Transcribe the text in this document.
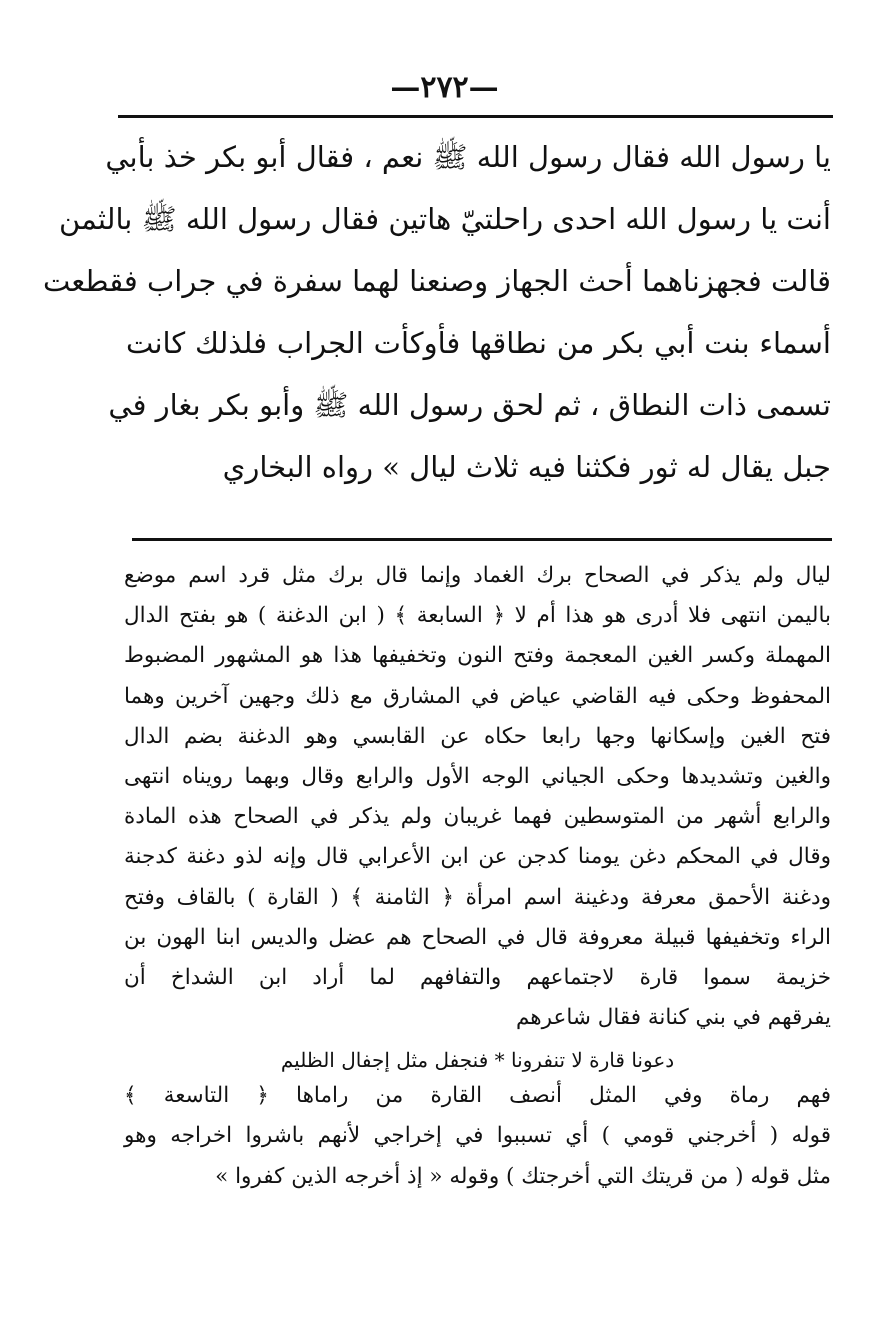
—٢٧٢—
يا رسول الله فقال رسول الله ﷺ نعم ، فقال أبو بكر خذ بأبي
أنت يا رسول الله احدى راحلتيّ هاتين فقال رسول الله ﷺ بالثمن
قالت فجهزناهما أحث الجهاز وصنعنا لهما سفرة في جراب فقطعت
أسماء بنت أبي بكر من نطاقها فأوكأت الجراب فلذلك كانت
تسمى ذات النطاق ، ثم لحق رسول الله ﷺ وأبو بكر بغار في
جبل يقال له ثور فكثنا فيه ثلاث ليال » رواه البخاري
ليال ولم يذكر في الصحاح برك الغماد وإنما قال برك مثل قرد اسم موضع
باليمن انتهى فلا أدرى هو هذا أم لا ﴿ السابعة ﴾ ( ابن الدغنة ) هو بفتح الدال
المهملة وكسر الغين المعجمة وفتح النون وتخفيفها هذا هو المشهور المضبوط
المحفوظ وحكى فيه القاضي عياض في المشارق مع ذلك وجهين آخرين وهما
فتح الغين وإسكانها وجها رابعا حكاه عن القابسي وهو الدغنة بضم الدال
والغين وتشديدها وحكى الجياني الوجه الأول والرابع وقال وبهما رويناه انتهى
والرابع أشهر من المتوسطين فهما غريبان ولم يذكر في الصحاح هذه المادة
وقال في المحكم دغن يومنا كدجن عن ابن الأعرابي قال وإنه لذو دغنة كدجنة
ودغنة الأحمق معرفة ودغينة اسم امرأة ﴿ الثامنة ﴾ ( القارة ) بالقاف وفتح
الراء وتخفيفها قبيلة معروفة قال في الصحاح هم عضل والديس ابنا الهون بن
خزيمة سموا قارة لاجتماعهم والتفافهم لما أراد ابن الشداخ أن
يفرقهم في بني كنانة فقال شاعرهم
دعونا قارة لا تنفرونا * فنجفل مثل إجفال الظليم
فهم رماة وفي المثل أنصف القارة من راماها ﴿ التاسعة ﴾
قوله ( أخرجني قومي ) أي تسببوا في إخراجي لأنهم باشروا اخراجه وهو
مثل قوله ( من قريتك التي أخرجتك ) وقوله « إذ أخرجه الذين كفروا »
